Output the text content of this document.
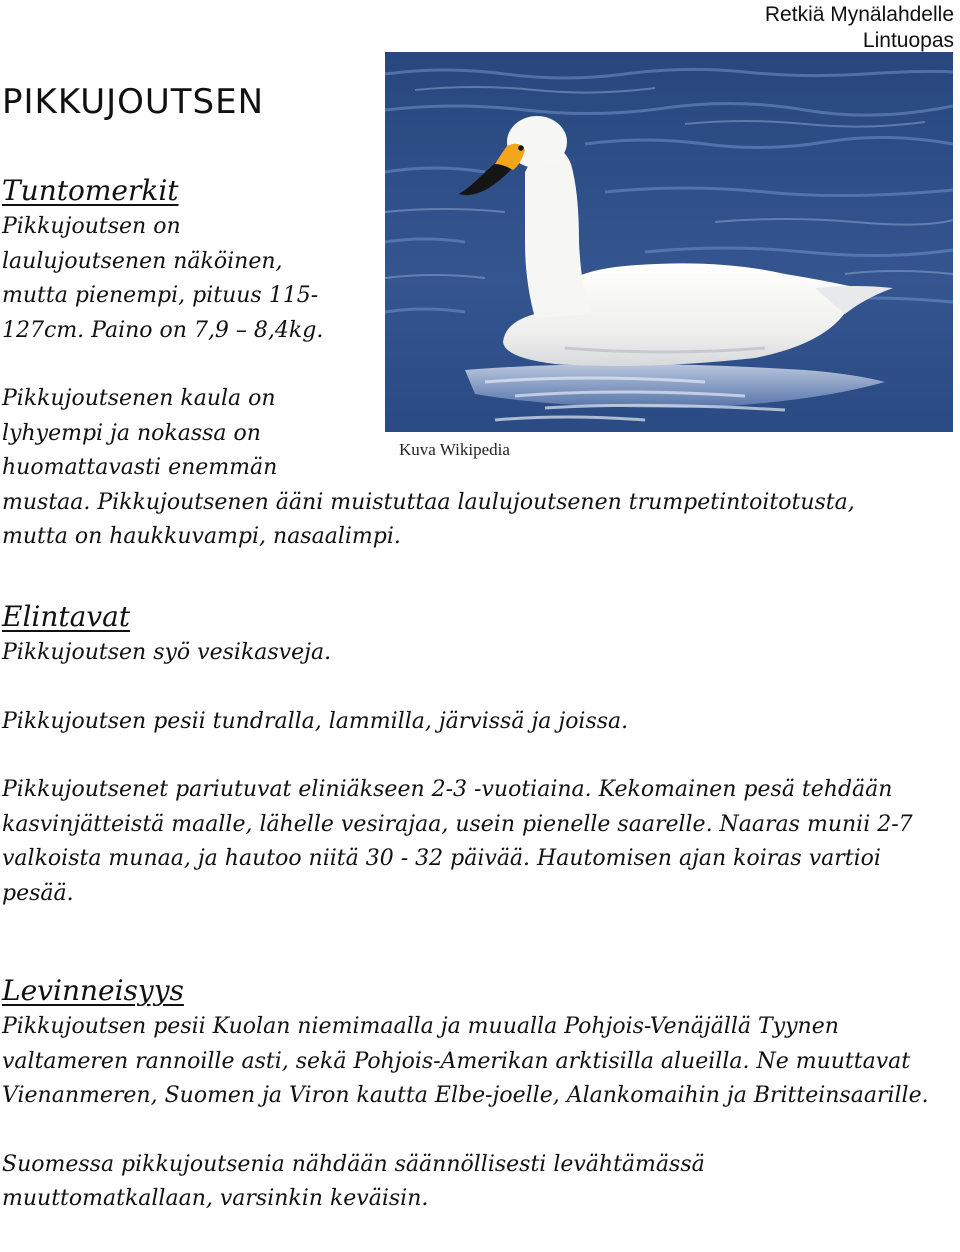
Retkiä Mynälahdelle
Lintuopas
PIKKUJOUTSEN
Kuva Wikipedia
Tuntomerkit
Pikkujoutsen on
laulujoutsenen näköinen,
mutta pienempi, pituus 115-
127cm. Paino on 7,9 – 8,4kg.
Pikkujoutsenen kaula on
lyhyempi ja nokassa on
huomattavasti enemmän
mustaa. Pikkujoutsenen ääni muistuttaa laulujoutsenen trumpetintoitotusta,
mutta on haukkuvampi, nasaalimpi.
Elintavat

Pikkujoutsen syö vesikasveja.

Pikkujoutsen pesii tundralla, lammilla, järvissä ja joissa.

Pikkujoutsenet pariutuvat eliniäkseen 2-3 -vuotiaina. Kekomainen pesä tehdään kasvinjätteistä maalle, lähelle vesirajaa, usein pienelle saarelle. Naaras munii 2-7 valkoista munaa, ja hautoo niitä 30 - 32 päivää. Hautomisen ajan koiras vartioi pesää.

Levinneisyys

Pikkujoutsen pesii Kuolan niemimaalla ja muualla Pohjois-Venäjällä Tyynen valtameren rannoille asti, sekä Pohjois-Amerikan arktisilla alueilla. Ne muuttavat Vienanmeren, Suomen ja Viron kautta Elbe-joelle, Alankomaihin ja Britteinsaarille.

Suomessa pikkujoutsenia nähdään säännöllisesti levähtämässä muuttomatkallaan, varsinkin keväisin.
